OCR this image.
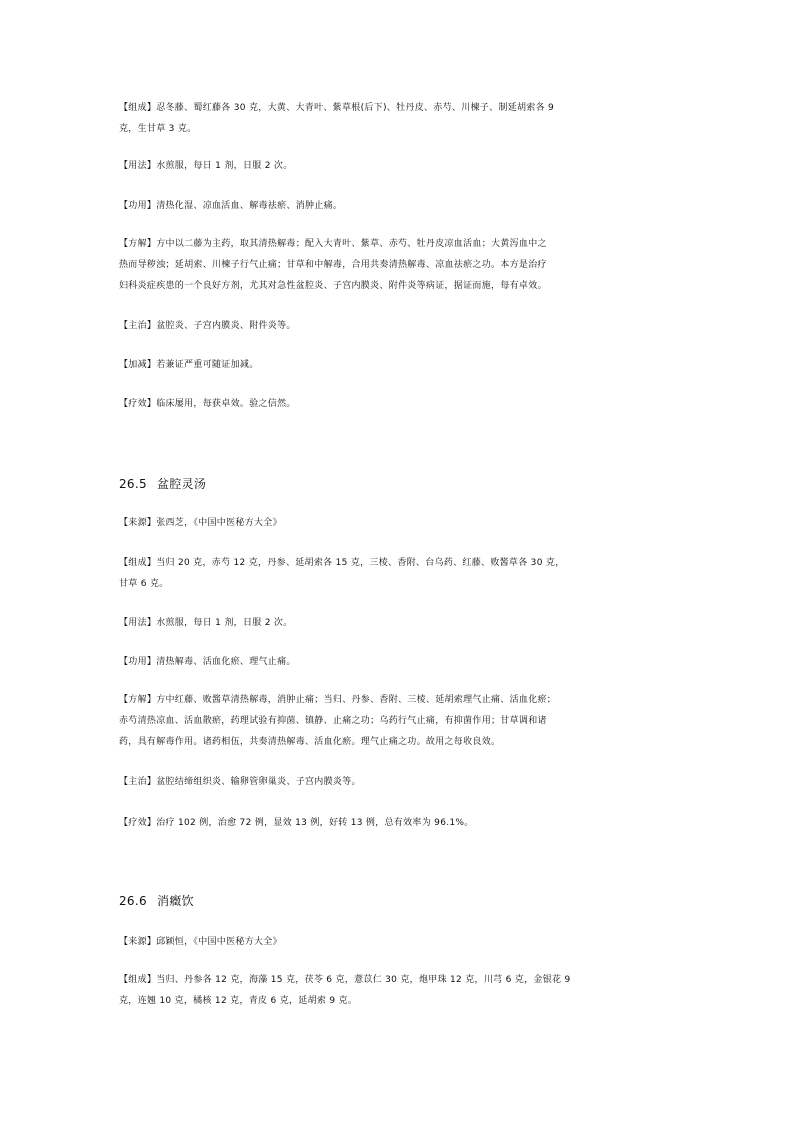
【组成】忍冬藤、蜀红藤各 30 克，大黄、大青叶、紫草根(后下)、牡丹皮、赤芍、川楝子、制延胡索各 9
克，生甘草 3 克。
【用法】水煎服，每日 1 剂，日服 2 次。
【功用】清热化湿、凉血活血、解毒祛瘀、消肿止痛。
【方解】方中以二藤为主药，取其清热解毒；配入大青叶、紫草、赤芍、牡丹皮凉血活血；大黄泻血中之
热而导秽浊；延胡索、川楝子行气止痛；甘草和中解毒，合用共奏清热解毒、凉血祛瘀之功。本方是治疗
妇科炎症疾患的一个良好方剂，尤其对急性盆腔炎、子宫内膜炎、附件炎等病证，据证而施，每有卓效。
【主治】盆腔炎、子宫内膜炎、附件炎等。
【加减】若兼证严重可随证加减。
【疗效】临床屡用，每获卓效。验之信然。
26.5 盆腔灵汤
【来源】张西芝，《中国中医秘方大全》
【组成】当归 20 克，赤芍 12 克，丹参、延胡索各 15 克，三棱、香附、台乌药、红藤、败酱草各 30 克，
甘草 6 克。
【用法】水煎服，每日 1 剂，日服 2 次。
【功用】清热解毒、活血化瘀、理气止痛。
【方解】方中红藤、败酱草清热解毒，消肿止痛；当归、丹参、香附、三棱、延胡索理气止痛、活血化瘀；
赤芍清热凉血、活血散瘀，药理试验有抑菌、镇静、止痛之功；乌药行气止痛，有抑菌作用；甘草调和诸
药，具有解毒作用。诸药相伍，共奏清热解毒、活血化瘀。理气止痛之功。故用之每收良效。
【主治】盆腔结缔组织炎、输卵管卵巢炎、子宫内膜炎等。
【疗效】治疗 102 例，治愈 72 例，显效 13 例，好转 13 例，总有效率为 96.1%。
26.6 消癥饮
【来源】邱颖恒，《中国中医秘方大全》
【组成】当归、丹参各 12 克，海藻 15 克，茯苓 6 克，薏苡仁 30 克，炮甲珠 12 克，川芎 6 克，金银花 9
克，连翘 10 克，橘核 12 克，青皮 6 克，延胡索 9 克。
